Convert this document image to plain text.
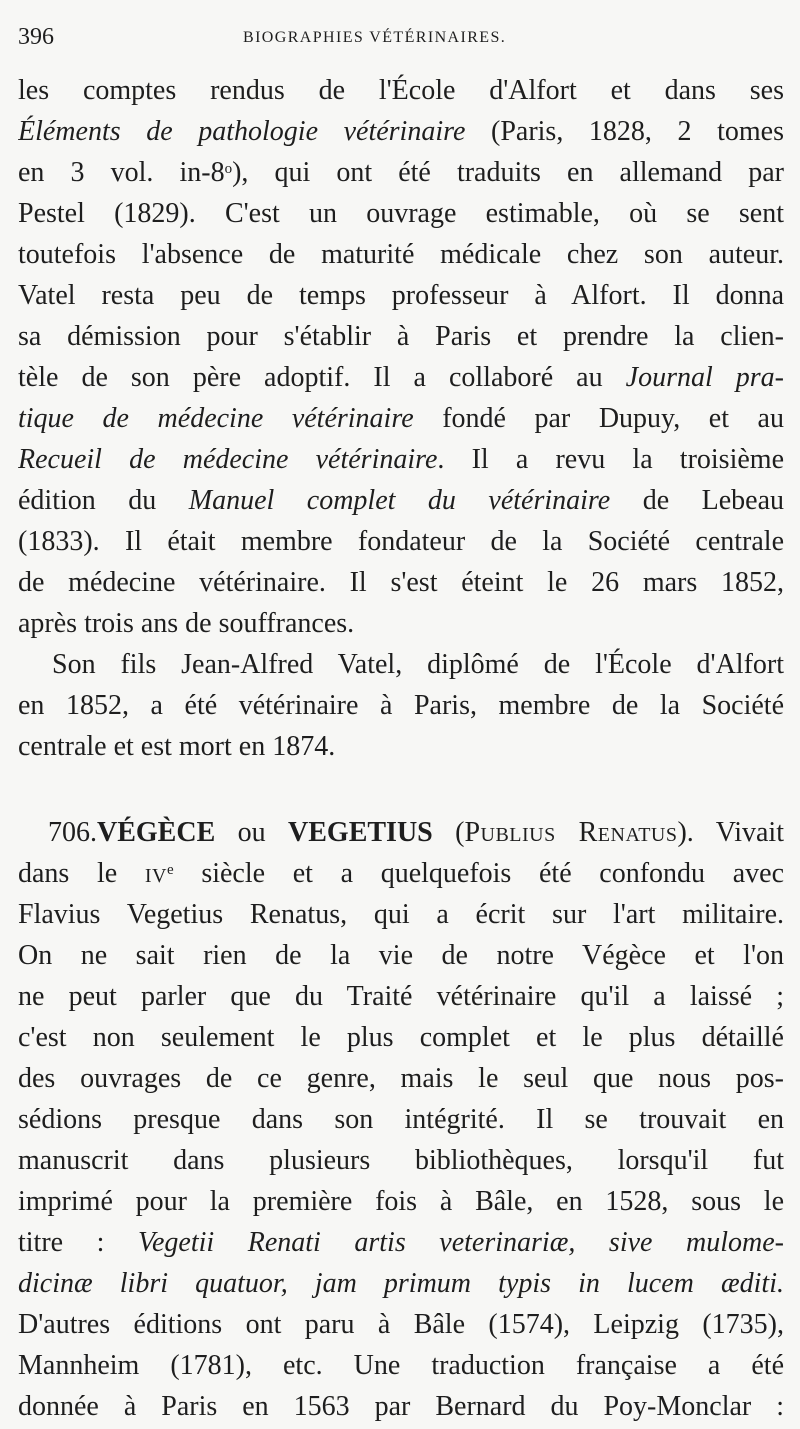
396	BIOGRAPHIES VÉTÉRINAIRES.
les comptes rendus de l'École d'Alfort et dans ses
Éléments de pathologie vétérinaire (Paris, 1828, 2 tomes
en 3 vol. in-8$^o$), qui ont été traduits en allemand par
Pestel (1829). C'est un ouvrage estimable, où se sent
toutefois l'absence de maturité médicale chez son auteur.
Vatel resta peu de temps professeur à Alfort. Il donna
sa démission pour s'établir à Paris et prendre la clien-
tèle de son père adoptif. Il a collaboré au Journal pra-
tique de médecine vétérinaire fondé par Dupuy, et au
Recueil de médecine vétérinaire. Il a revu la troisième
édition du Manuel complet du vétérinaire de Lebeau
(1833). Il était membre fondateur de la Société centrale
de médecine vétérinaire. Il s'est éteint le 26 mars 1852,
après trois ans de souffrances.
Son fils Jean-Alfred Vatel, diplômé de l'École d'Alfort
en 1852, a été vétérinaire à Paris, membre de la Société
centrale et est mort en 1874.
706.VÉGÈCE ou VEGETIUS (Publius Renatus). Vivait
dans le $iv^e$ siècle et a quelquefois été confondu avec
Flavius Vegetius Renatus, qui a écrit sur l'art militaire.
On ne sait rien de la vie de notre Végèce et l'on
ne peut parler que du Traité vétérinaire qu'il a laissé ;
c'est non seulement le plus complet et le plus détaillé
des ouvrages de ce genre, mais le seul que nous pos-
sédions presque dans son intégrité. Il se trouvait en
manuscrit dans plusieurs bibliothèques, lorsqu'il fut
imprimé pour la première fois à Bâle, en 1528, sous le
titre : Vegetii Renati artis veterinariæ, sive mulome-
dicinæ libri quatuor, jam primum typis in lucem æditi.
D'autres éditions ont paru à Bâle (1574), Leipzig (1735),
Mannheim (1781), etc. Une traduction française a été
donnée à Paris en 1563 par Bernard du Poy-Monclar :
